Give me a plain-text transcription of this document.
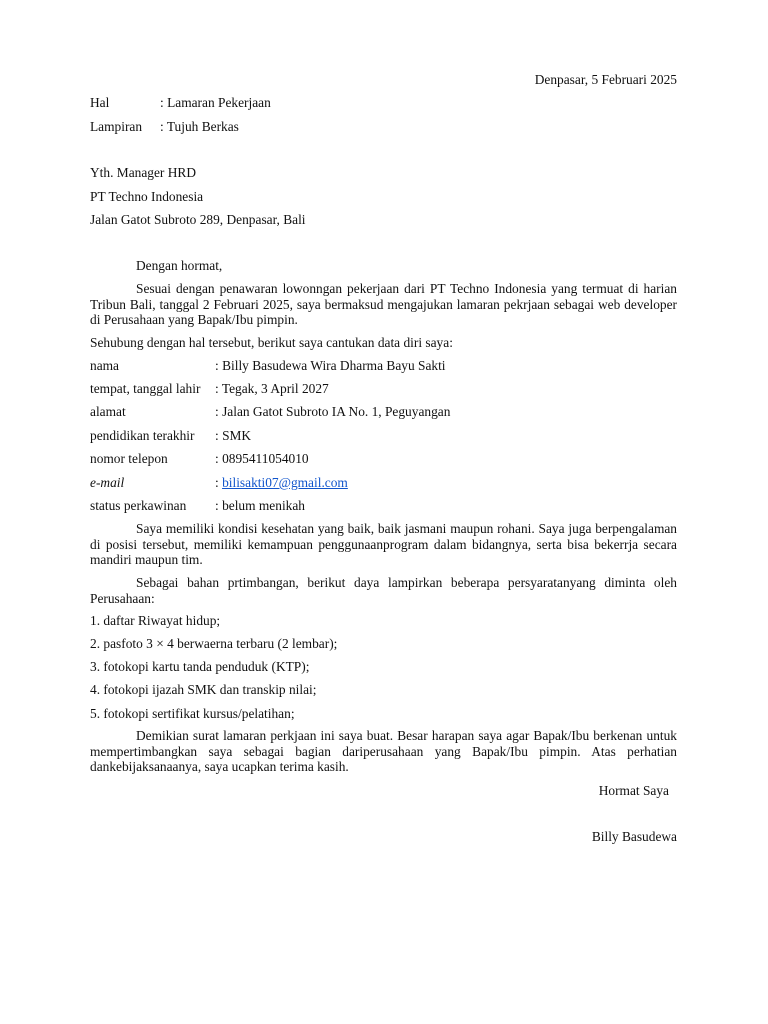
Denpasar, 5 Februari 2025
Hal	: Lamaran Pekerjaan
Lampiran : Tujuh Berkas
Yth. Manager HRD
PT Techno Indonesia
Jalan Gatot Subroto 289, Denpasar, Bali
Dengan hormat,

Sesuai dengan penawaran lowonngan pekerjaan dari PT Techno Indonesia yang termuat di harian Tribun Bali, tanggal 2 Februari 2025, saya bermaksud mengajukan lamaran pekrjaan sebagai web developer di Perusahaan yang Bapak/Ibu pimpin.

Sehubung dengan hal tersebut, berikut saya cantukan data diri saya:
nama	: Billy Basudewa Wira Dharma Bayu Sakti
tempat, tanggal lahir : Tegak, 3 April 2027
alamat	: Jalan Gatot Subroto IA No. 1, Peguyangan
pendidikan terakhir : SMK
nomor telepon	: 0895411054010
e-mail	: bilisakti07@gmail.com
status perkawinan : belum menikah

Saya memiliki kondisi kesehatan yang baik, baik jasmani maupun rohani. Saya juga berpengalaman di posisi tersebut, memiliki kemampuan penggunaanprogram dalam bidangnya, serta bisa bekerrja secara mandiri maupun tim.

Sebagai bahan prtimbangan, berikut daya lampirkan beberapa persyaratanyang diminta oleh Perusahaan:

1. daftar Riwayat hidup;
2. pasfoto 3 × 4 berwaerna terbaru (2 lembar);
3. fotokopi kartu tanda penduduk (KTP);
4. fotokopi ijazah SMK dan transkip nilai;
5. fotokopi sertifikat kursus/pelatihan;

Demikian surat lamaran perkjaan ini saya buat. Besar harapan saya agar Bapak/Ibu berkenan untuk mempertimbangkan saya sebagai bagian dariperusahaan yang Bapak/Ibu pimpin. Atas perhatian dankebijaksanaanya, saya ucapkan terima kasih.

Hormat Saya
Billy Basudewa
